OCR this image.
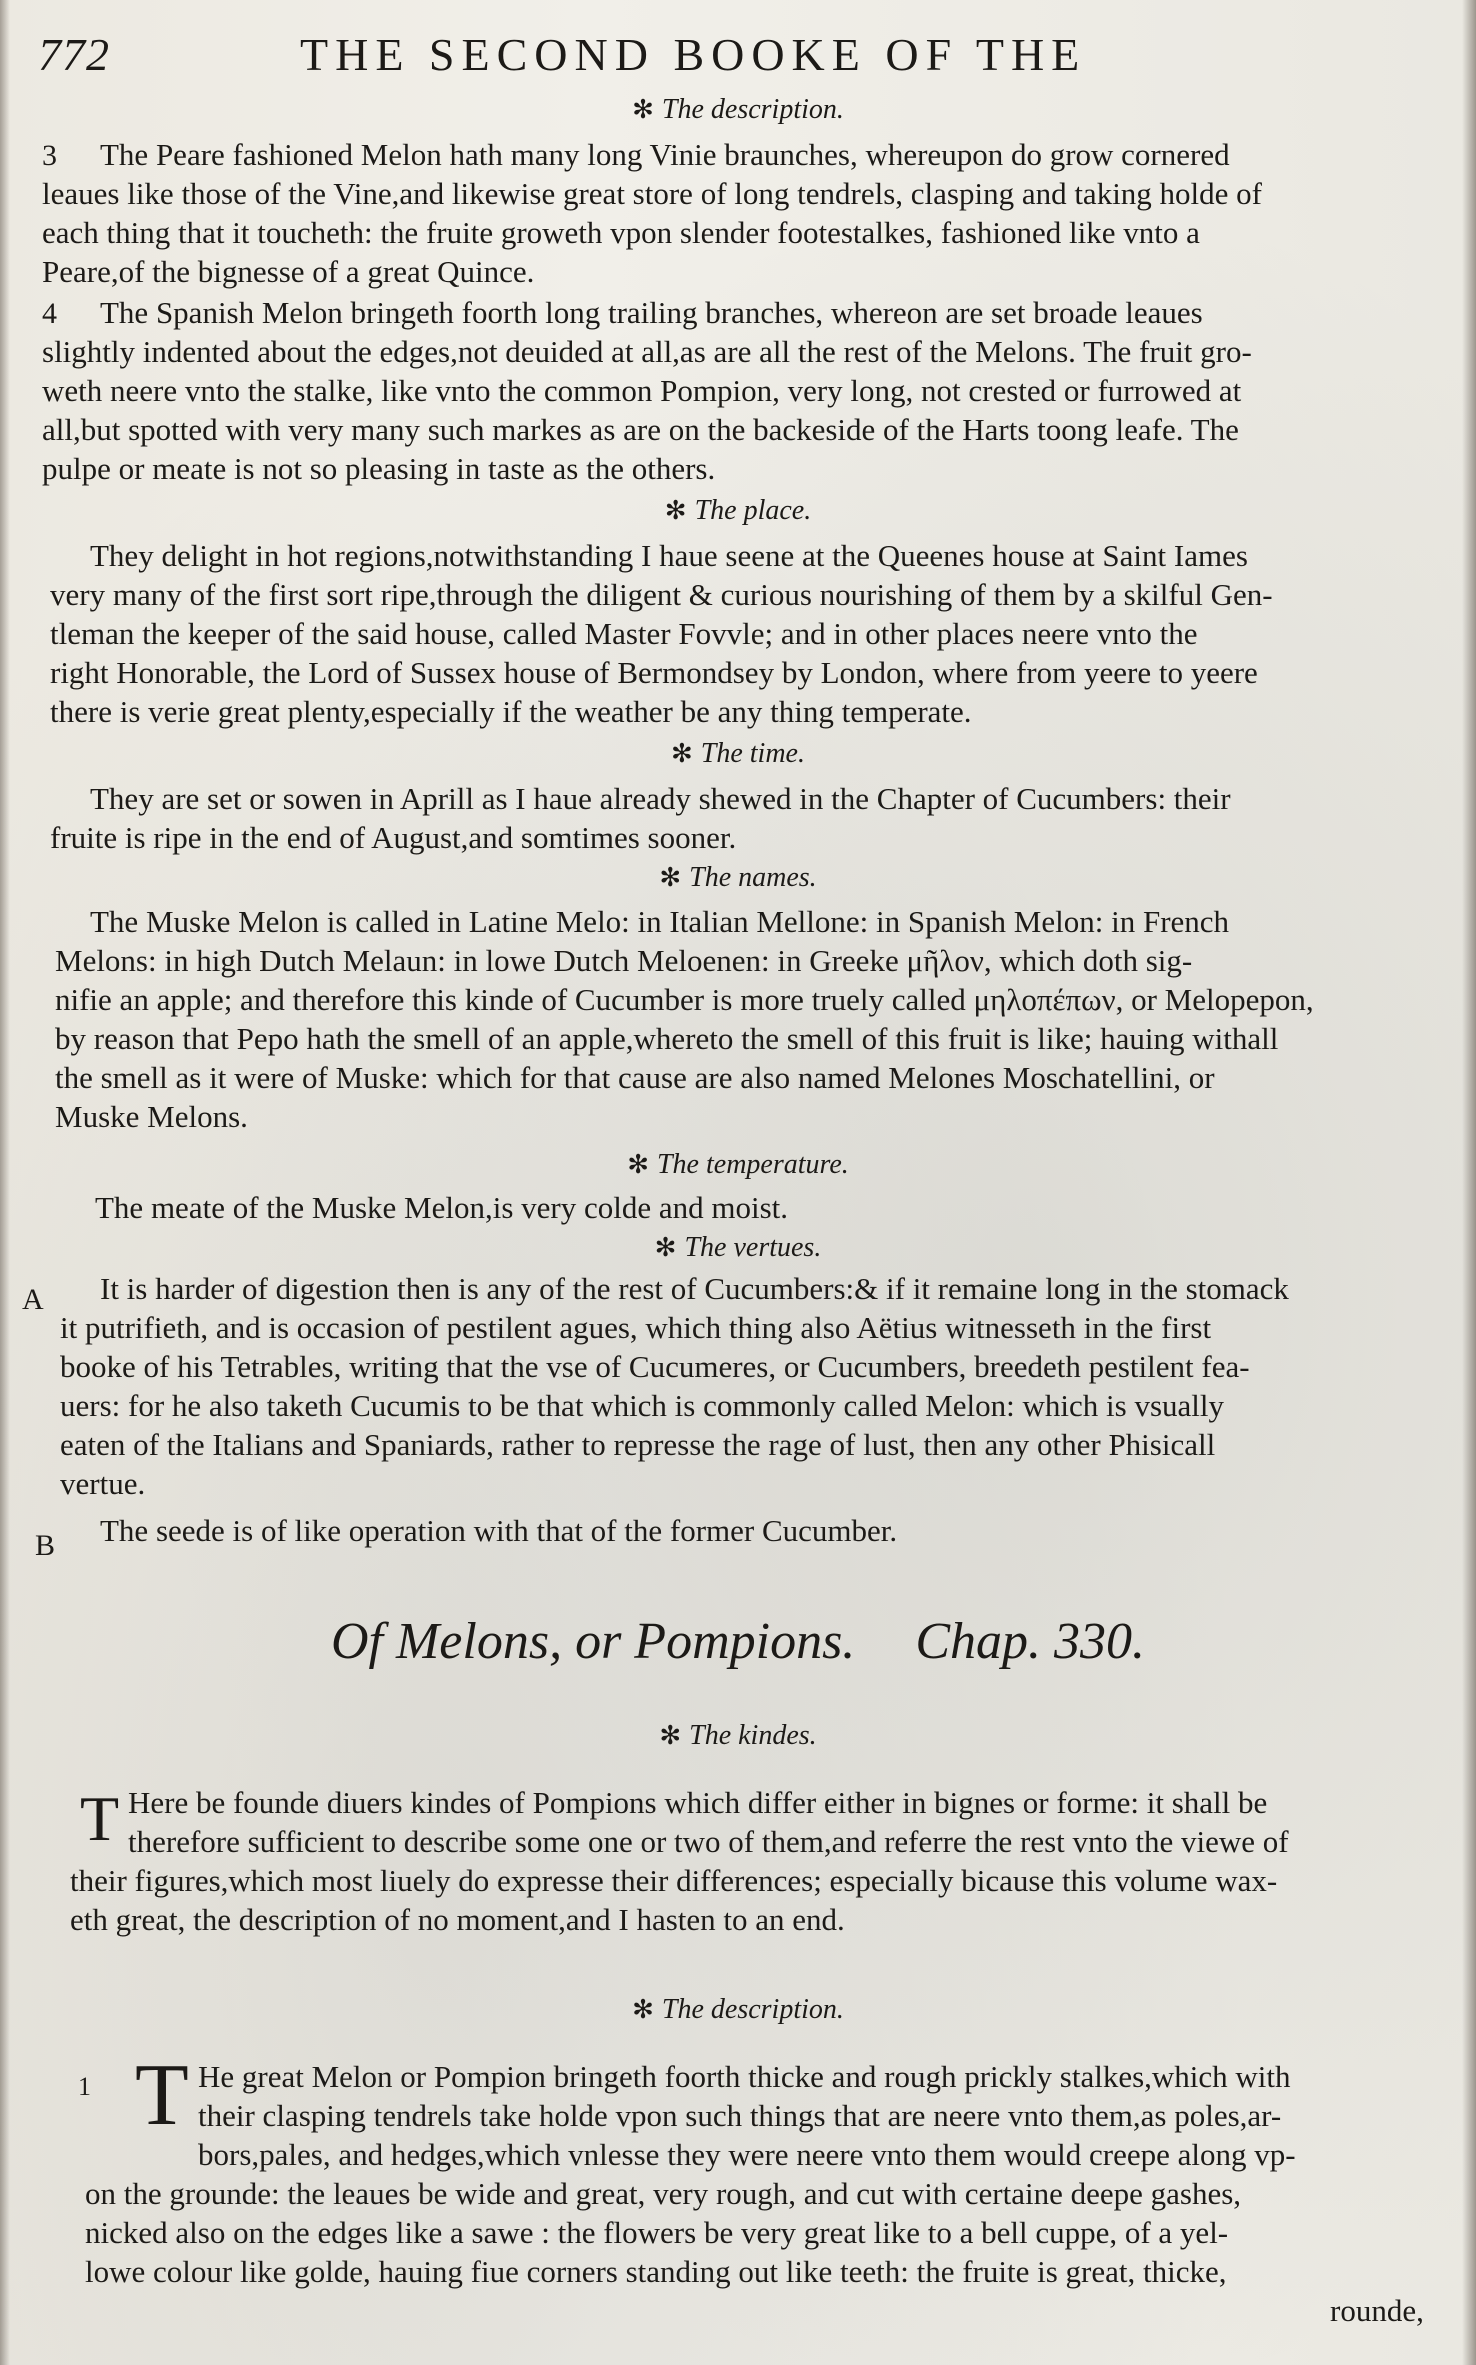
772	THE SECOND BOOKE OF THE
✻ The description.
3 The Peare fashioned Melon hath many long Vinie braunches, whereupon do grow cornered
leaues like those of the Vine,and likewise great store of long tendrels, clasping and taking holde of
each thing that it toucheth: the fruite groweth vpon slender footestalkes, fashioned like vnto a
Peare,of the bignesse of a great Quince.
4 The Spanish Melon bringeth foorth long trailing branches, whereon are set broade leaues
slightly indented about the edges,not deuided at all,as are all the rest of the Melons. The fruit gro-
weth neere vnto the stalke, like vnto the common Pompion, very long, not crested or furrowed at
all,but spotted with very many such markes as are on the backeside of the Harts toong leafe. The
pulpe or meate is not so pleasing in taste as the others.
✻ The place.
They delight in hot regions,notwithstanding I haue seene at the Queenes house at Saint Iames
very many of the first sort ripe,through the diligent & curious nourishing of them by a skilful Gen-
tleman the keeper of the said house, called Master Fovvle; and in other places neere vnto the
right Honorable, the Lord of Sussex house of Bermondsey by London, where from yeere to yeere
there is verie great plenty,especially if the weather be any thing temperate.
✻ The time.
They are set or sowen in Aprill as I haue already shewed in the Chapter of Cucumbers: their
fruite is ripe in the end of August,and somtimes sooner.
✻ The names.
The Muske Melon is called in Latine Melo: in Italian Mellone: in Spanish Melon: in French
Melons: in high Dutch Melaun: in lowe Dutch Meloenen: in Greeke μῆλον, which doth sig-
nifie an apple; and therefore this kinde of Cucumber is more truely called μηλοπέπων, or Melopepon,
by reason that Pepo hath the smell of an apple,whereto the smell of this fruit is like; hauing withall
the smell as it were of Muske: which for that cause are also named Melones Moschatellini, or
Muske Melons.
✻ The temperature.
The meate of the Muske Melon,is very colde and moist.
✻ The vertues.
A It is harder of digestion then is any of the rest of Cucumbers:& if it remaine long in the stomack
it putrifieth, and is occasion of pestilent agues, which thing also Aëtius witnesseth in the first
booke of his Tetrables, writing that the vse of Cucumeres, or Cucumbers, breedeth pestilent fea-
uers: for he also taketh Cucumis to be that which is commonly called Melon: which is vsually
eaten of the Italians and Spaniards, rather to represse the rage of lust, then any other Phisicall
vertue.
B The seede is of like operation with that of the former Cucumber.
Of Melons, or Pompions. Chap. 330.
✻ The kindes.
T Here be founde diuers kindes of Pompions which differ either in bignes or forme: it shall be
therefore sufficient to describe some one or two of them,and referre the rest vnto the viewe of
their figures,which most liuely do expresse their differences; especially bicause this volume wax-
eth great, the description of no moment,and I hasten to an end.
✻ The description.
1 T He great Melon or Pompion bringeth foorth thicke and rough prickly stalkes,which with
their clasping tendrels take holde vpon such things that are neere vnto them,as poles,ar-
bors,pales, and hedges,which vnlesse they were neere vnto them would creepe along vp-
on the grounde: the leaues be wide and great, very rough, and cut with certaine deepe gashes,
nicked also on the edges like a sawe : the flowers be very great like to a bell cuppe, of a yel-
lowe colour like golde, hauing fiue corners standing out like teeth: the fruite is great, thicke,
rounde,
